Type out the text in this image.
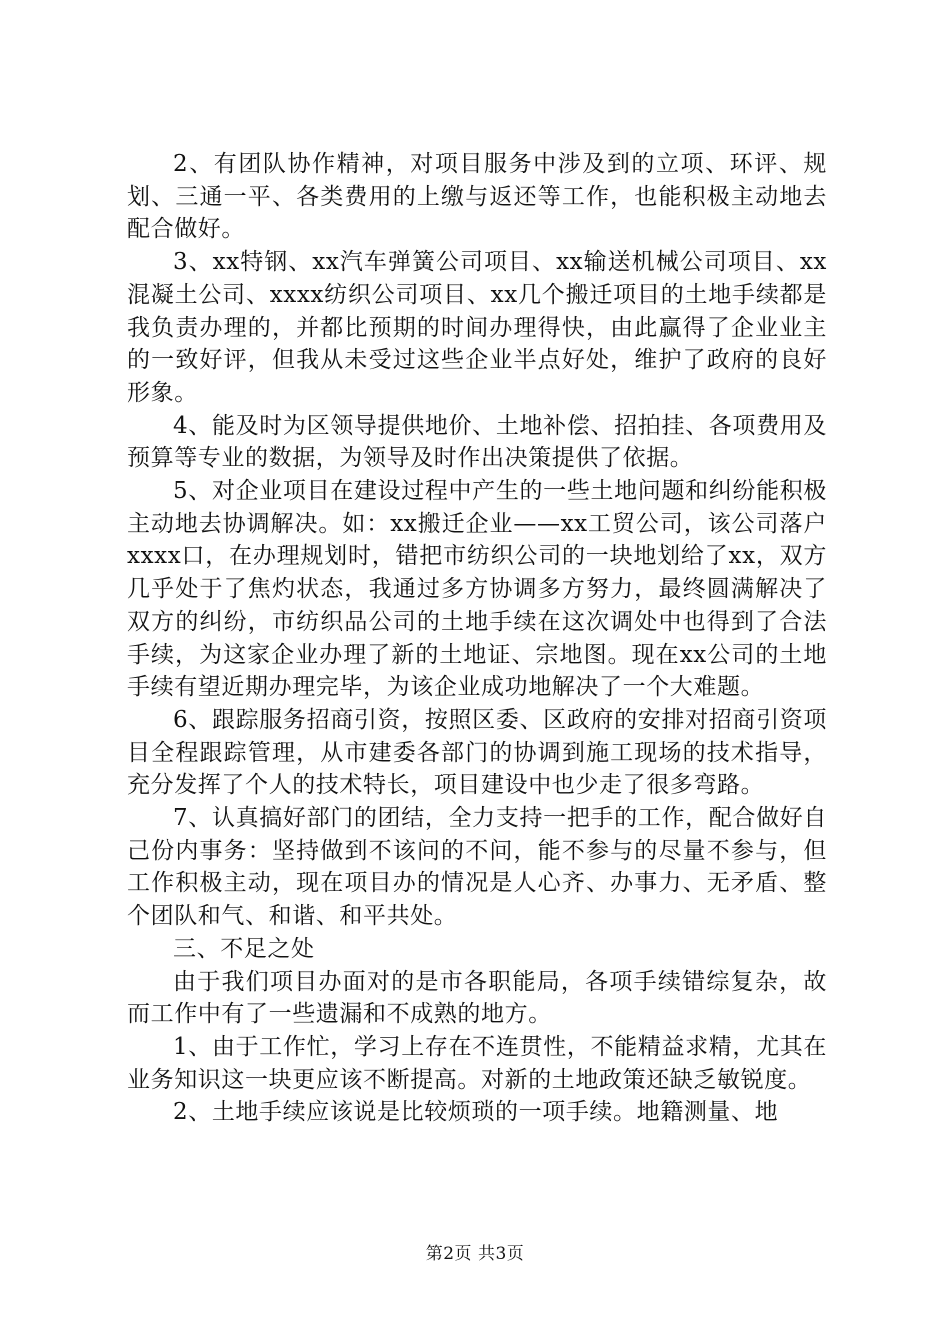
2、有团队协作精神，对项目服务中涉及到的立项、环评、规划、三通一平、各类费用的上缴与返还等工作，也能积极主动地去配合做好。

3、xx特钢、xx汽车弹簧公司项目、xx输送机械公司项目、xx混凝土公司、xxxx纺织公司项目、xx几个搬迁项目的土地手续都是我负责办理的，并都比预期的时间办理得快，由此赢得了企业业主的一致好评，但我从未受过这些企业半点好处，维护了政府的良好形象。

4、能及时为区领导提供地价、土地补偿、招拍挂、各项费用及预算等专业的数据，为领导及时作出决策提供了依据。

5、对企业项目在建设过程中产生的一些土地问题和纠纷能积极主动地去协调解决。如：xx搬迁企业——xx工贸公司，该公司落户xxxx口，在办理规划时，错把市纺织公司的一块地划给了xx，双方几乎处于了焦灼状态，我通过多方协调多方努力，最终圆满解决了双方的纠纷，市纺织品公司的土地手续在这次调处中也得到了合法手续，为这家企业办理了新的土地证、宗地图。现在xx公司的土地手续有望近期办理完毕，为该企业成功地解决了一个大难题。

6、跟踪服务招商引资，按照区委、区政府的安排对招商引资项目全程跟踪管理，从市建委各部门的协调到施工现场的技术指导，充分发挥了个人的技术特长，项目建设中也少走了很多弯路。

7、认真搞好部门的团结，全力支持一把手的工作，配合做好自己份内事务：坚持做到不该问的不问，能不参与的尽量不参与，但工作积极主动，现在项目办的情况是人心齐、办事力、无矛盾、整个团队和气、和谐、和平共处。

三、不足之处

由于我们项目办面对的是市各职能局，各项手续错综复杂，故而工作中有了一些遗漏和不成熟的地方。

1、由于工作忙，学习上存在不连贯性，不能精益求精，尤其在业务知识这一块更应该不断提高。对新的土地政策还缺乏敏锐度。

2、土地手续应该说是比较烦琐的一项手续。地籍测量、地

第2页 共3页
